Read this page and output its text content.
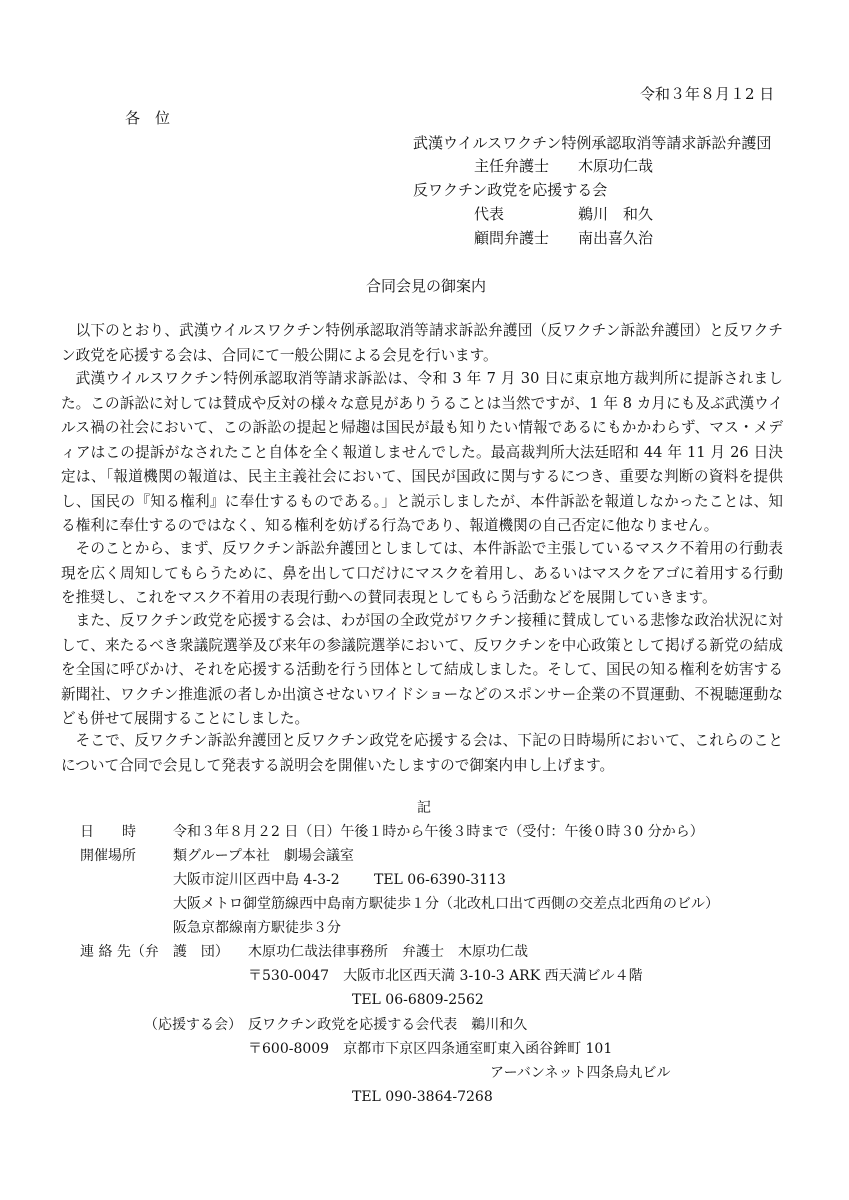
令和３年８月１2 日
各　位
武漢ウイルスワクチン特例承認取消等請求訴訟弁護団
主任弁護士 木原功仁哉
反ワクチン政党を応援する会
代表	鵜川　和久
顧問弁護士 南出喜久治
合同会見の御案内

以下のとおり、武漢ウイルスワクチン特例承認取消等請求訴訟弁護団（反ワクチン訴訟弁護団）と反ワクチン政党を応援する会は、合同にて一般公開による会見を行います。

武漢ウイルスワクチン特例承認取消等請求訴訟は、令和 3 年 7 月 30 日に東京地方裁判所に提訴されました。この訴訟に対しては賛成や反対の様々な意見がありうることは当然ですが、1 年 8 カ月にも及ぶ武漢ウイルス禍の社会において、この訴訟の提起と帰趨は国民が最も知りたい情報であるにもかかわらず、マス・メディアはこの提訴がなされたこと自体を全く報道しませんでした。最高裁判所大法廷昭和 44 年 11 月 26 日決定は、「報道機関の報道は、民主主義社会において、国民が国政に関与するにつき、重要な判断の資料を提供し、国民の『知る権利』に奉仕するものである。」と説示しましたが、本件訴訟を報道しなかったことは、知る権利に奉仕するのではなく、知る権利を妨げる行為であり、報道機関の自己否定に他なりません。

そのことから、まず、反ワクチン訴訟弁護団としましては、本件訴訟で主張しているマスク不着用の行動表現を広く周知してもらうために、鼻を出して口だけにマスクを着用し、あるいはマスクをアゴに着用する行動を推奨し、これをマスク不着用の表現行動への賛同表現としてもらう活動などを展開していきます。

また、反ワクチン政党を応援する会は、わが国の全政党がワクチン接種に賛成している悲惨な政治状況に対して、来たるべき衆議院選挙及び来年の参議院選挙において、反ワクチンを中心政策として掲げる新党の結成を全国に呼びかけ、それを応援する活動を行う団体として結成しました。そして、国民の知る権利を妨害する新聞社、ワクチン推進派の者しか出演させないワイドショーなどのスポンサー企業の不買運動、不視聴運動なども併せて展開することにしました。

そこで、反ワクチン訴訟弁護団と反ワクチン政党を応援する会は、下記の日時場所において、これらのことについて合同で会見して発表する説明会を開催いたしますので御案内申し上げます。

記
日　　時	令和３年８月２2 日（日）午後１時から午後３時まで（受付：午後０時３0 分から）
開催場所	類グループ本社　劇場会議室
大阪市淀川区西中島 4-3-2 TEL 06-6390-3113
大阪メトロ御堂筋線西中島南方駅徒歩１分（北改札口出て西側の交差点北西角のビル）
阪急京都線南方駅徒歩３分
連 絡 先（弁　護　団） 木原功仁哉法律事務所　弁護士　木原功仁哉
〒530-0047　大阪市北区西天満 3-10-3 ARK 西天満ビル４階
TEL 06-6809-2562
（応援する会） 反ワクチン政党を応援する会代表　鵜川和久
〒600-8009　京都市下京区四条通室町東入函谷鉾町 101
アーバンネット四条烏丸ビル
TEL 090-3864-7268
